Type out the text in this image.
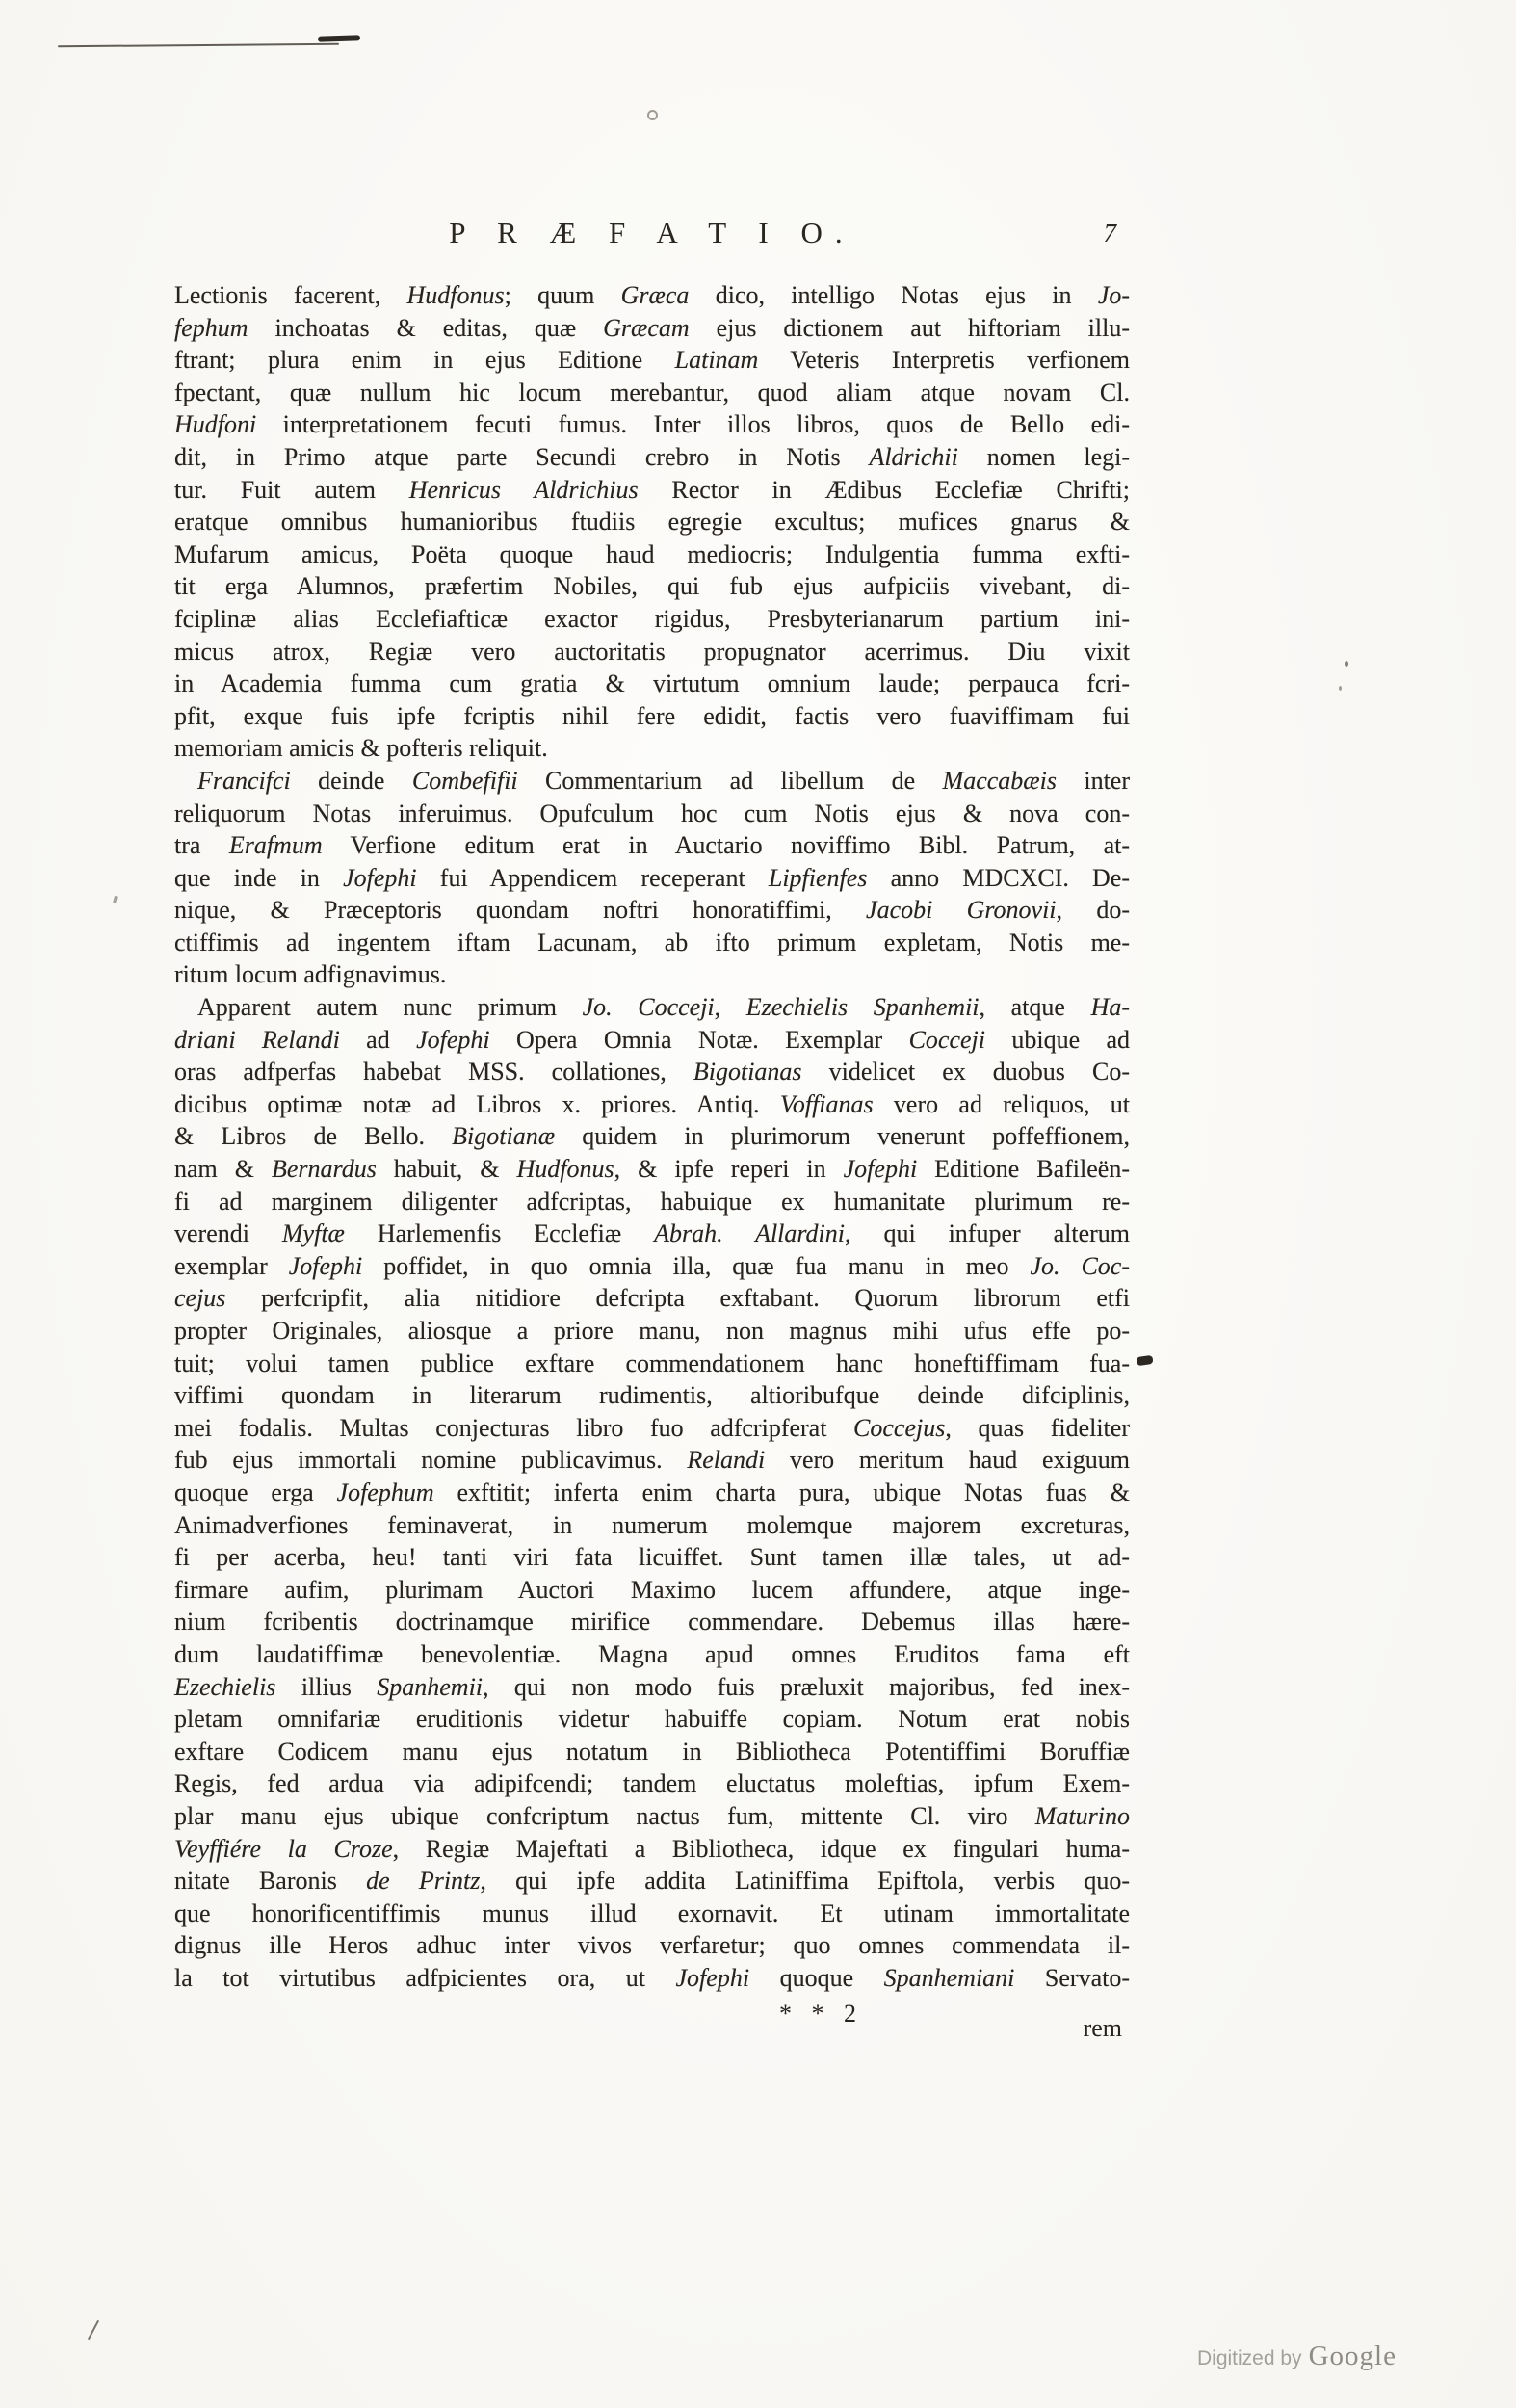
P R Æ F A T I O.	7
Lectionis facerent, Hudfonus; quum Græca dico, intelligo Notas ejus in Jo-
fephum inchoatas & editas, quæ Græcam ejus dictionem aut hiftoriam illu-
ftrant; plura enim in ejus Editione Latinam Veteris Interpretis verfionem
fpectant, quæ nullum hic locum merebantur, quod aliam atque novam Cl.
Hudfoni interpretationem fecuti fumus. Inter illos libros, quos de Bello edi-
dit, in Primo atque parte Secundi crebro in Notis Aldrichii nomen legi-
tur. Fuit autem Henricus Aldrichius Rector in Ædibus Ecclefiæ Chrifti;
eratque omnibus humanioribus ftudiis egregie excultus; mufices gnarus &
Mufarum amicus, Poëta quoque haud mediocris; Indulgentia fumma exfti-
tit erga Alumnos, præfertim Nobiles, qui fub ejus aufpiciis vivebant, di-
fciplinæ alias Ecclefiafticæ exactor rigidus, Presbyterianarum partium ini-
micus atrox, Regiæ vero auctoritatis propugnator acerrimus. Diu vixit
in Academia fumma cum gratia & virtutum omnium laude; perpauca fcri-
pfit, exque fuis ipfe fcriptis nihil fere edidit, factis vero fuaviffimam fui
memoriam amicis & pofteris reliquit.
Francifci deinde Combefifii Commentarium ad libellum de Maccabæis inter
reliquorum Notas inferuimus. Opufculum hoc cum Notis ejus & nova con-
tra Erafmum Verfione editum erat in Auctario noviffimo Bibl. Patrum, at-
que inde in Jofephi fui Appendicem receperant Lipfienfes anno MDCXCI. De-
nique, & Præceptoris quondam noftri honoratiffimi, Jacobi Gronovii, do-
ctiffimis ad ingentem iftam Lacunam, ab ifto primum expletam, Notis me-
ritum locum adfignavimus.
Apparent autem nunc primum Jo. Cocceji, Ezechielis Spanhemii, atque Ha-
driani Relandi ad Jofephi Opera Omnia Notæ. Exemplar Cocceji ubique ad
oras adfperfas habebat MSS. collationes, Bigotianas videlicet ex duobus Co-
dicibus optimæ notæ ad Libros x. priores. Antiq. Voffianas vero ad reliquos, ut
& Libros de Bello. Bigotianæ quidem in plurimorum venerunt poffeffionem,
nam & Bernardus habuit, & Hudfonus, & ipfe reperi in Jofephi Editione Bafileën-
fi ad marginem diligenter adfcriptas, habuique ex humanitate plurimum re-
verendi Myftæ Harlemenfis Ecclefiæ Abrah. Allardini, qui infuper alterum
exemplar Jofephi poffidet, in quo omnia illa, quæ fua manu in meo Jo. Coc-
cejus perfcripfit, alia nitidiore defcripta exftabant. Quorum librorum etfi
propter Originales, aliosque a priore manu, non magnus mihi ufus effe po-
tuit; volui tamen publice exftare commendationem hanc honeftiffimam fua-
viffimi quondam in literarum rudimentis, altioribufque deinde difciplinis,
mei fodalis. Multas conjecturas libro fuo adfcripferat Coccejus, quas fideliter
fub ejus immortali nomine publicavimus. Relandi vero meritum haud exiguum
quoque erga Jofephum exftitit; inferta enim charta pura, ubique Notas fuas &
Animadverfiones feminaverat, in numerum molemque majorem excreturas,
fi per acerba, heu! tanti viri fata licuiffet. Sunt tamen illæ tales, ut ad-
firmare aufim, plurimam Auctori Maximo lucem affundere, atque inge-
nium fcribentis doctrinamque mirifice commendare. Debemus illas hære-
dum laudatiffimæ benevolentiæ. Magna apud omnes Eruditos fama eft
Ezechielis illius Spanhemii, qui non modo fuis præluxit majoribus, fed inex-
pletam omnifariæ eruditionis videtur habuiffe copiam. Notum erat nobis
exftare Codicem manu ejus notatum in Bibliotheca Potentiffimi Boruffiæ
Regis, fed ardua via adipifcendi; tandem eluctatus moleftias, ipfum Exem-
plar manu ejus ubique confcriptum nactus fum, mittente Cl. viro Maturino
Veyffiére la Croze, Regiæ Majeftati a Bibliotheca, idque ex fingulari huma-
nitate Baronis de Printz, qui ipfe addita Latiniffima Epiftola, verbis quo-
que honorificentiffimis munus illud exornavit. Et utinam immortalitate
dignus ille Heros adhuc inter vivos verfaretur; quo omnes commendata il-
la tot virtutibus adfpicientes ora, ut Jofephi quoque Spanhemiani Servato-
* * 2
rem
Digitized by Google
